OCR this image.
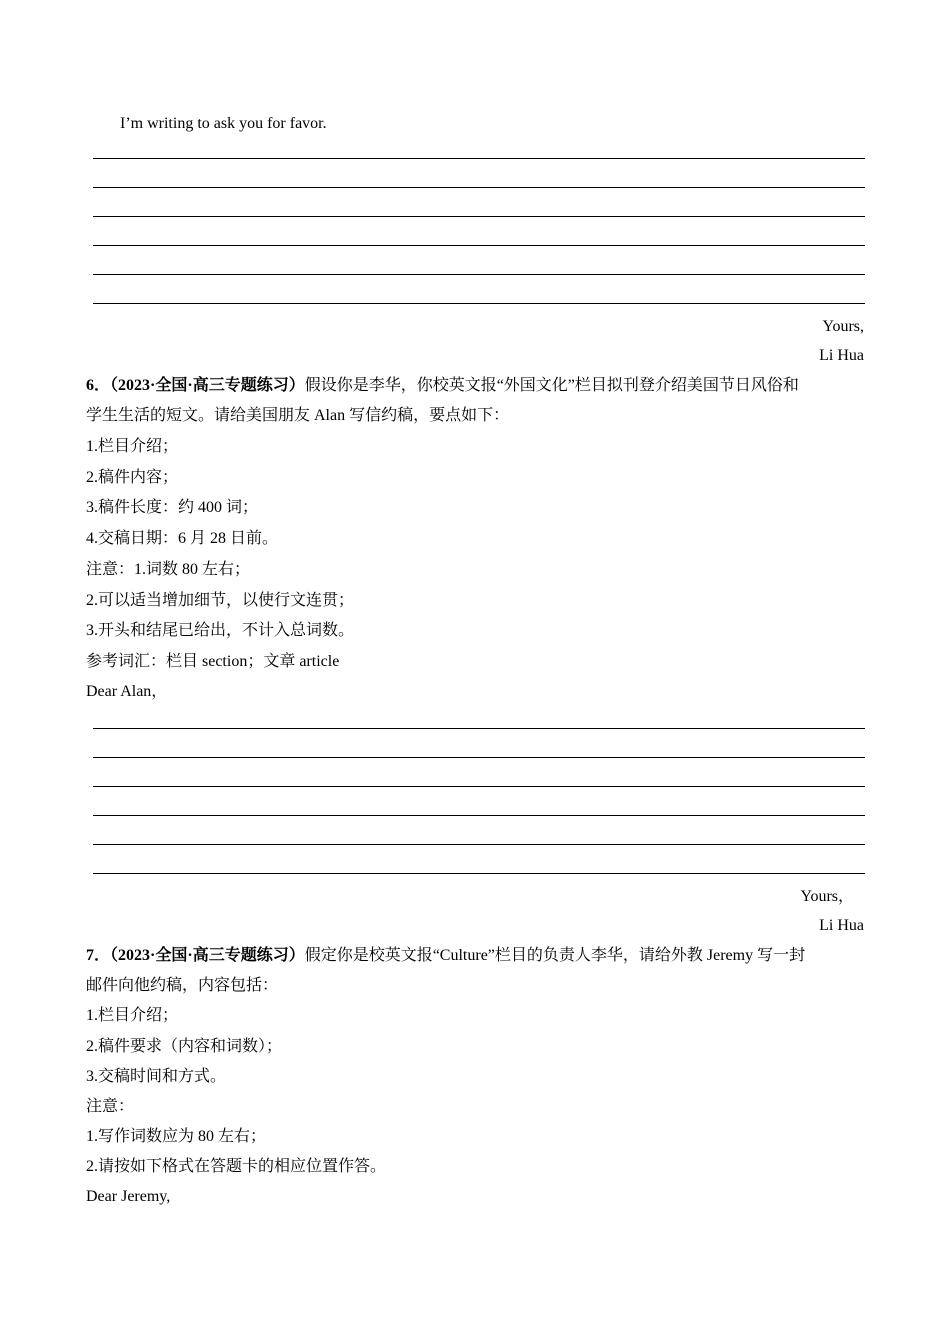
I’m writing to ask you for favor.
Yours,
Li Hua
6．（2023·全国·高三专题练习）假设你是李华，你校英文报“外国文化”栏目拟刊登介绍美国节日风俗和
学生生活的短文。请给美国朋友 Alan 写信约稿，要点如下：
1.栏目介绍；
2.稿件内容；
3.稿件长度：约 400 词；
4.交稿日期：6 月 28 日前。
注意：1.词数 80 左右；
2.可以适当增加细节，以使行文连贯；
3.开头和结尾已给出，不计入总词数。
参考词汇：栏目 section；文章 article
Dear Alan，
Yours，
Li Hua
7．（2023·全国·高三专题练习）假定你是校英文报“Culture”栏目的负责人李华，请给外教 Jeremy 写一封
邮件向他约稿，内容包括：
1.栏目介绍；
2.稿件要求（内容和词数）；
3.交稿时间和方式。
注意：
1.写作词数应为 80 左右；
2.请按如下格式在答题卡的相应位置作答。
Dear Jeremy,
